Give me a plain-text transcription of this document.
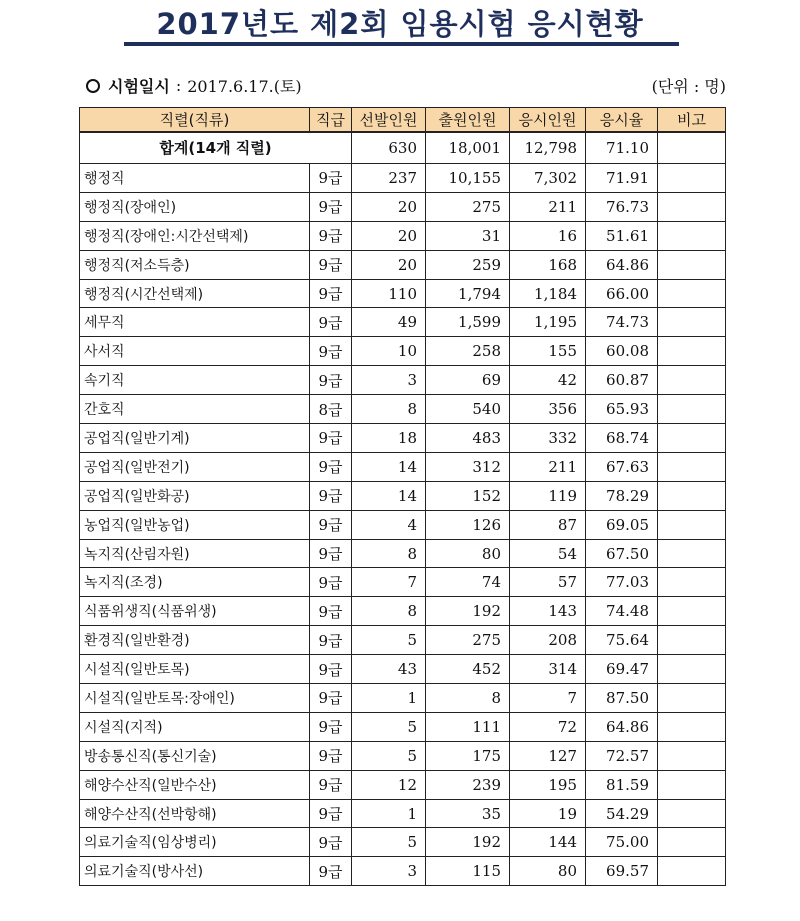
2017년도 제2회 임용시험 응시현황
시험일시 : 2017.6.17.(토)	(단위 : 명)
직렬(직류)	직급	선발인원	출원인원	응시인원	응시율	비고
합계(14개 직렬)		630	18,001	12,798	71.10	
행정직	9급	237	10,155	7,302	71.91	
행정직(장애인)	9급	20	275	211	76.73	
행정직(장애인:시간선택제)	9급	20	31	16	51.61	
행정직(저소득층)	9급	20	259	168	64.86	
행정직(시간선택제)	9급	110	1,794	1,184	66.00	
세무직	9급	49	1,599	1,195	74.73	
사서직	9급	10	258	155	60.08	
속기직	9급	3	69	42	60.87	
간호직	8급	8	540	356	65.93	
공업직(일반기계)	9급	18	483	332	68.74	
공업직(일반전기)	9급	14	312	211	67.63	
공업직(일반화공)	9급	14	152	119	78.29	
농업직(일반농업)	9급	4	126	87	69.05	
녹지직(산림자원)	9급	8	80	54	67.50	
녹지직(조경)	9급	7	74	57	77.03	
식품위생직(식품위생)	9급	8	192	143	74.48	
환경직(일반환경)	9급	5	275	208	75.64	
시설직(일반토목)	9급	43	452	314	69.47	
시설직(일반토목:장애인)	9급	1	8	7	87.50	
시설직(지적)	9급	5	111	72	64.86	
방송통신직(통신기술)	9급	5	175	127	72.57	
해양수산직(일반수산)	9급	12	239	195	81.59	
해양수산직(선박항해)	9급	1	35	19	54.29	
의료기술직(임상병리)	9급	5	192	144	75.00	
의료기술직(방사선)	9급	3	115	80	69.57	
